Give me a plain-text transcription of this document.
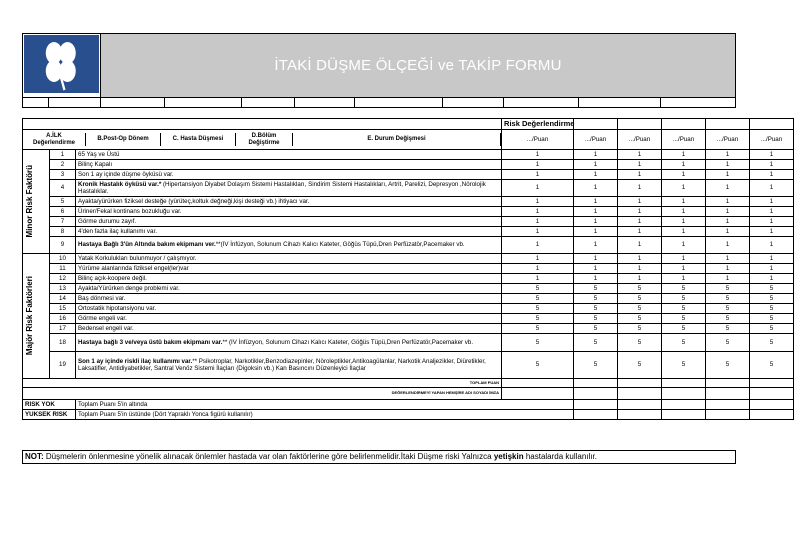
	İTAKİ DÜŞME ÖLÇEĞİ ve TAKİP FORMU								

	Risk Değerlendirme					

A.İLK Değerlendirme	B.Post-Op Dönem	C. Hasta Düşmesi	D.Bölüm Değiştirme	E. Durum Değişmesi
		.../Puan	.../Puan	.../Puan	.../Puan	.../Puan	.../Puan

Minor Risk Faktörü
	1	65 Yaş ve Üstü	1	1	1	1	1	1
2	Bilinç Kapalı	1	1	1	1	1	1
3	Son 1 ay içinde düşme öyküsü var.	1	1	1	1	1	1
4	Kronik Hastalık öyküsü var.* (Hipertansiyon Diyabet Dolaşım Sistemi Hastalıkları, Sindirim Sistemi Hastalıkları, Artrit, Parelizi, Depresyon ,Nörolojik Hastalıklar.	1	1	1	1	1	1
5	Ayakta/yürürken fiziksel desteğe (yürüteç,koltuk değneği,kişi desteği vb.) ihtiyacı var.	1	1	1	1	1	1
6	Üriner/Fekal kontinans bozukluğu var.	1	1	1	1	1	1
7	Görme durumu zayıf.	1	1	1	1	1	1
8	4'den fazla ilaç kullanımı var.	1	1	1	1	1	1
9	Hastaya Bağlı 3'ün Altında bakım ekipmanı ver.**(IV İnfüzyon, Solunum Cihazı Kalıcı Kateter, Göğüs Tüpü,Dren Perfüzatör,Pacemaker vb.	1	1	1	1	1	1

Majör Risk Faktörleri
	10	Yatak Korkulukları bulunmuyor / çalışmıyor.	1	1	1	1	1	1
11	Yürüme alanlarında fiziksel engel(ler)var	1	1	1	1	1	1
12	Bilinç açık-koopere değil.	1	1	1	1	1	1
13	Ayakta/Yürürken denge problemi var.	5	5	5	5	5	5
14	Baş dönmesi var.	5	5	5	5	5	5
15	Ortostatik hipotansiyonu var.	5	5	5	5	5	5
16	Görme engeli var.	5	5	5	5	5	5
17	Bedensel engeli var.	5	5	5	5	5	5
18	Hastaya bağlı 3 ve/veya üstü bakım ekipmanı var.** (IV İnfüzyon, Solunum Cihazı Kalıcı Kateter, Göğüs Tüpü,Dren Perfüzatör,Pacemaker vb.	5	5	5	5	5	5
19	Son 1 ay içinde riskli ilaç kullanımı var.** Psikotroplar, Narkotikler,Benzodiazepinler, Nöroleptikler,Antikoagülanlar, Narkotik Analjezikler, Diüretikler, Laksatifler, Antidiyabetikler, Santral Venöz Sistemi İlaçları (Digoksin vb.) Kan Basıncını Düzenleyici İlaçlar	5	5	5	5	5	5
TOPLAM PUAN						
DEĞERLENDİRMEYİ YAPAN HEMŞİRE ADI SOYADI İMZA						
RISK YOK	Toplam Puanı 5'in altında					
YUKSEK RISK	Toplam Puanı 5'in üstünde (Dört Yapraklı Yonca figürü kullanılır)					
NOT: Düşmelerin önlenmesine yönelik alınacak önlemler hastada var olan faktörlerine göre belirlenmelidir.İtaki Düşme riski Yalnızca yetişkin hastalarda kullanılır.
